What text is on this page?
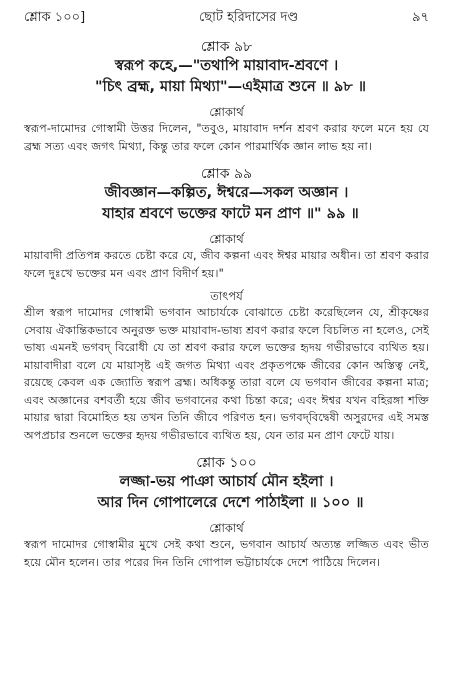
শ্লোক ১০০]	ছোট হরিদাসের দণ্ড	৯৭
শ্লোক ৯৮
স্বরূপ কহে,—"তথাপি মায়াবাদ-শ্রবণে ।
"চিৎ ব্রহ্ম, মায়া মিথ্যা"—এইমাত্র শুনে ॥ ৯৮ ॥
শ্লোকার্থ
স্বরূপ-দামোদর গোস্বামী উত্তর দিলেন, "তবুও, মায়াবাদ দর্শন শ্রবণ করার ফলে মনে হয় যে ব্রহ্ম সত্য এবং জগৎ মিথ্যা, কিন্তু তার ফলে কোন পারমার্থিক জ্ঞান লাভ হয় না।
শ্লোক ৯৯
জীবজ্ঞান—কল্পিত, ঈশ্বরে—সকল অজ্ঞান ।
যাহার শ্রবণে ভক্তের ফাটে মন প্রাণ ॥" ৯৯ ॥
শ্লোকার্থ
মায়াবাদী প্রতিপন্ন করতে চেষ্টা করে যে, জীব কল্পনা এবং ঈশ্বর মায়ার অধীন। তা শ্রবণ করার ফলে দুঃখে ভক্তের মন এবং প্রাণ বিদীর্ণ হয়।"
তাৎপর্য
শ্রীল স্বরূপ দামোদর গোস্বামী ভগবান আচার্যকে বোঝাতে চেষ্টা করেছিলেন যে, শ্রীকৃষ্ণের সেবায় ঐকান্তিকভাবে অনুরক্ত ভক্ত মায়াবাদ-ভাষ্য শ্রবণ করার ফলে বিচলিত না হলেও, সেই ভাষ্য এমনই ভগবদ্ বিরোধী যে তা শ্রবণ করার ফলে ভক্তের হৃদয় গভীরভাবে ব্যথিত হয়। মায়াবাদীরা বলে যে মায়াসৃষ্ট এই জগত মিথ্যা এবং প্রকৃতপক্ষে জীবের কোন অস্তিত্ব নেই, রয়েছে কেবল এক জ্যোতি স্বরূপ ব্রহ্ম। অধিকন্তু তারা বলে যে ভগবান জীবের কল্পনা মাত্র; এবং অজ্ঞানের বশবর্তী হয়ে জীব ভগবানের কথা চিন্তা করে; এবং ঈশ্বর যখন বহিরঙ্গা শক্তি মায়ার দ্বারা বিমোহিত হয় তখন তিনি জীবে পরিণত হন। ভগবদ্‌বিদ্বেষী অসুরদের এই সমস্ত অপপ্রচার শুনলে ভক্তের হৃদয় গভীরভাবে ব্যথিত হয়, যেন তার মন প্রাণ ফেটে যায়।
শ্লোক ১০০
লজ্জা-ভয় পাঞা আচার্য মৌন হইলা ।
আর দিন গোপালেরে দেশে পাঠাইলা ॥ ১০০ ॥
শ্লোকার্থ
স্বরূপ দামোদর গোস্বামীর মুখে সেই কথা শুনে, ভগবান আচার্য অত্যন্ত লজ্জিত এবং ভীত হয়ে মৌন হলেন। তার পরের দিন তিনি গোপাল ভট্টাচার্যকে দেশে পাঠিয়ে দিলেন।
